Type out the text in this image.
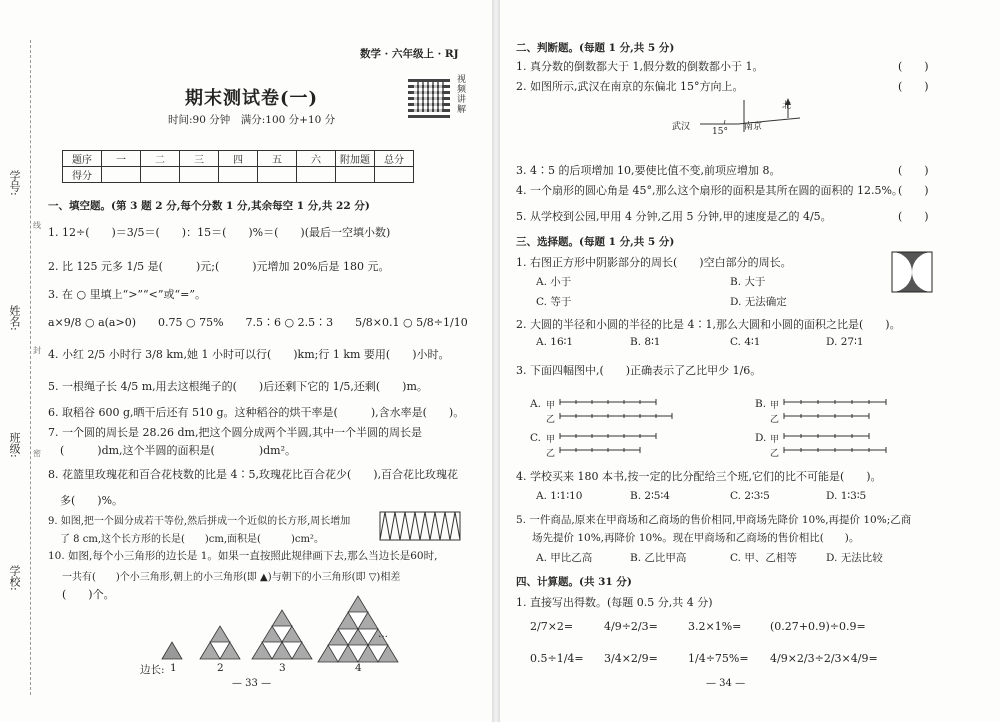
学号:
姓名:
班级:
学校:
线
封
密
数学 · 六年级上 · RJ
期末测试卷(一)
时间:90 分钟　满分:100 分+10 分
视频讲解
题序	一	二	三	四	五	六	附加题	总分
得分								
一、填空题。(第 3 题 2 分,每个分数 1 分,其余每空 1 分,共 22 分)
1. 12÷(　　)＝3/5＝(　　)：15＝(　　)%＝(　　)(最后一空填小数)
2. 比 125 元多 1/5 是(　　　)元;(　　　)元增加 20%后是 180 元。
3. 在 ○ 里填上“>”“<”或“=”。
a×9/8 ○ a(a>0)　　0.75 ○ 75%　　7.5∶6 ○ 2.5∶3　　5/8×0.1 ○ 5/8÷1/10
4. 小红 2/5 小时行 3/8 km,她 1 小时可以行(　　)km;行 1 km 要用(　　)小时。
5. 一根绳子长 4/5 m,用去这根绳子的(　　)后还剩下它的 1/5,还剩(　　)m。
6. 取稻谷 600 g,晒干后还有 510 g。这种稻谷的烘干率是(　　　),含水率是(　　)。
7. 一个圆的周长是 28.26 dm,把这个圆分成两个半圆,其中一个半圆的周长是
(　　　)dm,这个半圆的面积是(　　　　)dm²。
8. 花篮里玫瑰花和百合花枝数的比是 4∶5,玫瑰花比百合花少(　　),百合花比玫瑰花
多(　　)%。
9. 如图,把一个圆分成若干等份,然后拼成一个近似的长方形,周长增加
了 8 cm,这个长方形的长是(　　)cm,面积是(　　　)cm²。
10. 如图,每个小三角形的边长是 1。如果一直按照此规律画下去,那么当边长是60时,
一共有(　　)个小三角形,朝上的小三角形(即 ▲)与朝下的小三角形(即 ▽)相差
(　　)个。
...
边长: 1	2	3	4
— 33 —
二、判断题。(每题 1 分,共 5 分)
1. 真分数的倒数都大于 1,假分数的倒数都小于 1。	(　　)
2. 如图所示,武汉在南京的东偏北 15°方向上。	(　　)
武汉 15° 南京
北
3. 4∶5 的后项增加 10,要使比值不变,前项应增加 8。	(　　)
4. 一个扇形的圆心角是 45°,那么这个扇形的面积是其所在圆的面积的 12.5%。
(　　)
5. 从学校到公园,甲用 4 分钟,乙用 5 分钟,甲的速度是乙的 4/5。	(　　)
三、选择题。(每题 1 分,共 5 分)
1. 右图正方形中阴影部分的周长(　　)空白部分的周长。
A. 小于	B. 大于
C. 等于	D. 无法确定
2. 大圆的半径和小圆的半径的比是 4∶1,那么大圆和小圆的面积之比是(　　)。
A. 16∶1	B. 8∶1	C. 4∶1	D. 27∶1
3. 下面四幅图中,(　　)正确表示了乙比甲少 1/6。
A.	B.
C.	D.
甲
乙
甲
乙
甲
乙
甲
乙
4. 学校买来 180 本书,按一定的比分配给三个班,它们的比不可能是(　　)。
A. 1∶1∶10	B. 2∶5∶4	C. 2∶3∶5	D. 1∶3∶5
5. 一件商品,原来在甲商场和乙商场的售价相同,甲商场先降价 10%,再提价 10%;乙商
场先提价 10%,再降价 10%。现在甲商场和乙商场的售价相比(　　)。
A. 甲比乙高	B. 乙比甲高	C. 甲、乙相等	D. 无法比较
四、计算题。(共 31 分)
1. 直接写出得数。(每题 0.5 分,共 4 分)
2/7×2=	4/9÷2/3=	3.2×1%=	(0.27+0.9)÷0.9=
0.5÷1/4= 3/4×2/9=	1/4÷75%= 4/9×2/3÷2/3×4/9=
— 34 —
